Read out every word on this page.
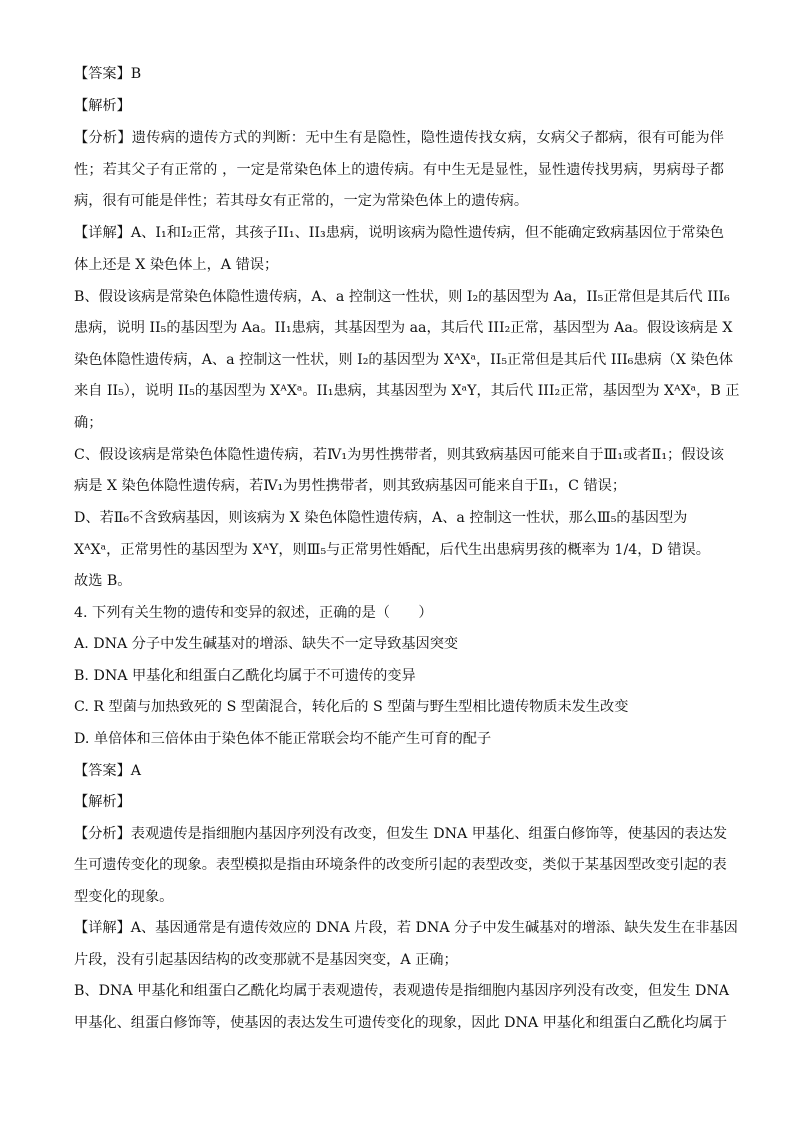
【答案】B
【解析】
【分析】遗传病的遗传方式的判断：无中生有是隐性，隐性遗传找女病，女病父子都病，很有可能为伴
性；若其父子有正常的 ，一定是常染色体上的遗传病。有中生无是显性，显性遗传找男病，男病母子都
病，很有可能是伴性；若其母女有正常的，一定为常染色体上的遗传病。
【详解】A、I₁和I₂正常，其孩子II₁、II₃患病，说明该病为隐性遗传病，但不能确定致病基因位于常染色
体上还是 X 染色体上，A 错误；
B、假设该病是常染色体隐性遗传病，A、a 控制这一性状，则 I₂的基因型为 Aa，II₅正常但是其后代 III₆
患病，说明 II₅的基因型为 Aa。II₁患病，其基因型为 aa，其后代 III₂正常，基因型为 Aa。假设该病是 X
染色体隐性遗传病，A、a 控制这一性状，则 I₂的基因型为 XᴬXᵃ，II₅正常但是其后代 III₆患病（X 染色体
来自 II₅），说明 II₅的基因型为 XᴬXᵃ。II₁患病，其基因型为 XᵃY，其后代 III₂正常，基因型为 XᴬXᵃ，B 正
确；
C、假设该病是常染色体隐性遗传病，若Ⅳ₁为男性携带者，则其致病基因可能来自于Ⅲ₁或者Ⅱ₁；假设该
病是 X 染色体隐性遗传病，若Ⅳ₁为男性携带者，则其致病基因可能来自于Ⅱ₁，C 错误；
D、若Ⅱ₆不含致病基因，则该病为 X 染色体隐性遗传病，A、a 控制这一性状，那么Ⅲ₅的基因型为
XᴬXᵃ，正常男性的基因型为 XᴬY，则Ⅲ₅与正常男性婚配，后代生出患病男孩的概率为 1/4，D 错误。
故选 B。
4. 下列有关生物的遗传和变异的叙述，正确的是（　　）
A. DNA 分子中发生碱基对的增添、缺失不一定导致基因突变
B. DNA 甲基化和组蛋白乙酰化均属于不可遗传的变异
C. R 型菌与加热致死的 S 型菌混合，转化后的 S 型菌与野生型相比遗传物质未发生改变
D. 单倍体和三倍体由于染色体不能正常联会均不能产生可育的配子
【答案】A
【解析】
【分析】表观遗传是指细胞内基因序列没有改变，但发生 DNA 甲基化、组蛋白修饰等，使基因的表达发
生可遗传变化的现象。表型模拟是指由环境条件的改变所引起的表型改变，类似于某基因型改变引起的表
型变化的现象。
【详解】A、基因通常是有遗传效应的 DNA 片段，若 DNA 分子中发生碱基对的增添、缺失发生在非基因
片段，没有引起基因结构的改变那就不是基因突变，A 正确；
B、DNA 甲基化和组蛋白乙酰化均属于表观遗传，表观遗传是指细胞内基因序列没有改变，但发生 DNA
甲基化、组蛋白修饰等，使基因的表达发生可遗传变化的现象，因此 DNA 甲基化和组蛋白乙酰化均属于
